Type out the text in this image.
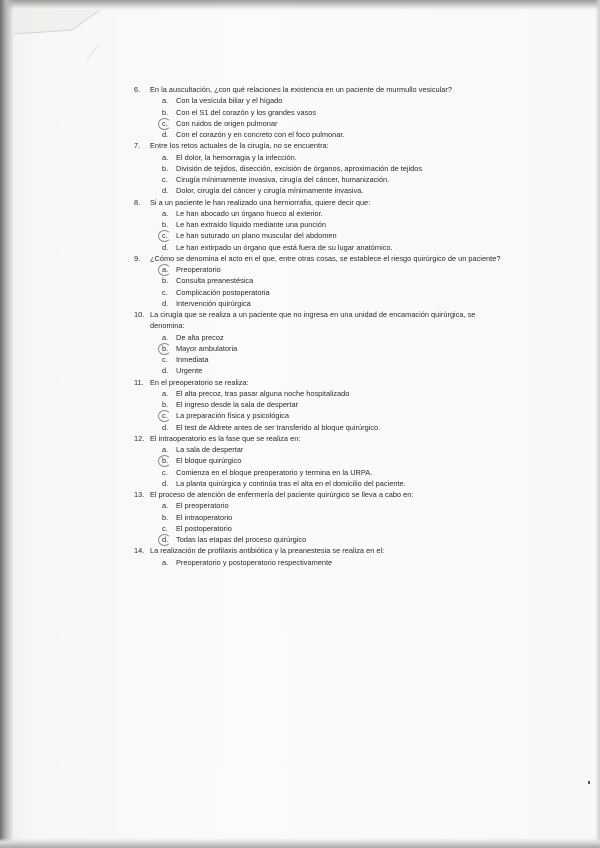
6.	En la auscultación, ¿con qué relaciones la existencia en un paciente de murmullo vesicular?
a.	Con la vesícula biliar y el hígado
b.	Con el S1 del corazón y los grandes vasos
c.	Con ruidos de origen pulmonar
d.	Con el corazón y en concreto con el foco pulmonar.
7.	Entre los retos actuales de la cirugía, no se encuentra:
a.	El dolor, la hemorragia y la infección.
b.	División de tejidos, disección, excisión de órganos, aproximación de tejidos
c.	Cirugía mínimamente invasiva, cirugía del cáncer, humanización.
d.	Dolor, cirugía del cáncer y cirugía mínimamente invasiva.
8.	Si a un paciente le han realizado una herniorrafia, quiere decir que:
a.	Le han abocado un órgano hueco al exterior.
b.	Le han extraído líquido mediante una punción
c.	Le han suturado un plano muscular del abdomen
d.	Le han extirpado un órgano que está fuera de su lugar anatómico.
9.	¿Cómo se denomina el acto en el que, entre otras cosas, se establece el riesgo quirúrgico de un paciente?
a.	Preoperatorio
b.	Consulta preanestésica
c.	Complicación postoperatoria
d.	Intervención quirúrgica
10. La cirugía que se realiza a un paciente que no ingresa en una unidad de encamación quirúrgica, se denomina:
a.	De alta precoz
b.	Mayor ambulatoria
c.	Inmediata
d.	Urgente
11. En el preoperatorio se realiza:
a.	El alta precoz, tras pasar alguna noche hospitalizado
b.	El ingreso desde la sala de despertar
c.	La preparación física y psicológica
d.	El test de Aldrete antes de ser transferido al bloque quirúrgico.
12. El intraoperatorio es la fase que se realiza en:
a.	La sala de despertar
b.	El bloque quirúrgico
c.	Comienza en el bloque preoperatorio y termina en la URPA.
d.	La planta quirúrgica y continúa tras el alta en el domicilio del paciente.
13. El proceso de atención de enfermería del paciente quirúrgico se lleva a cabo en:
a.	El preoperatorio
b.	El intraoperatorio
c.	El postoperatorio
d.	Todas las etapas del proceso quirúrgico
14. La realización de profilaxis antibiótica y la preanestesia se realiza en el:
a.	Preoperatorio y postoperatorio respectivamente
